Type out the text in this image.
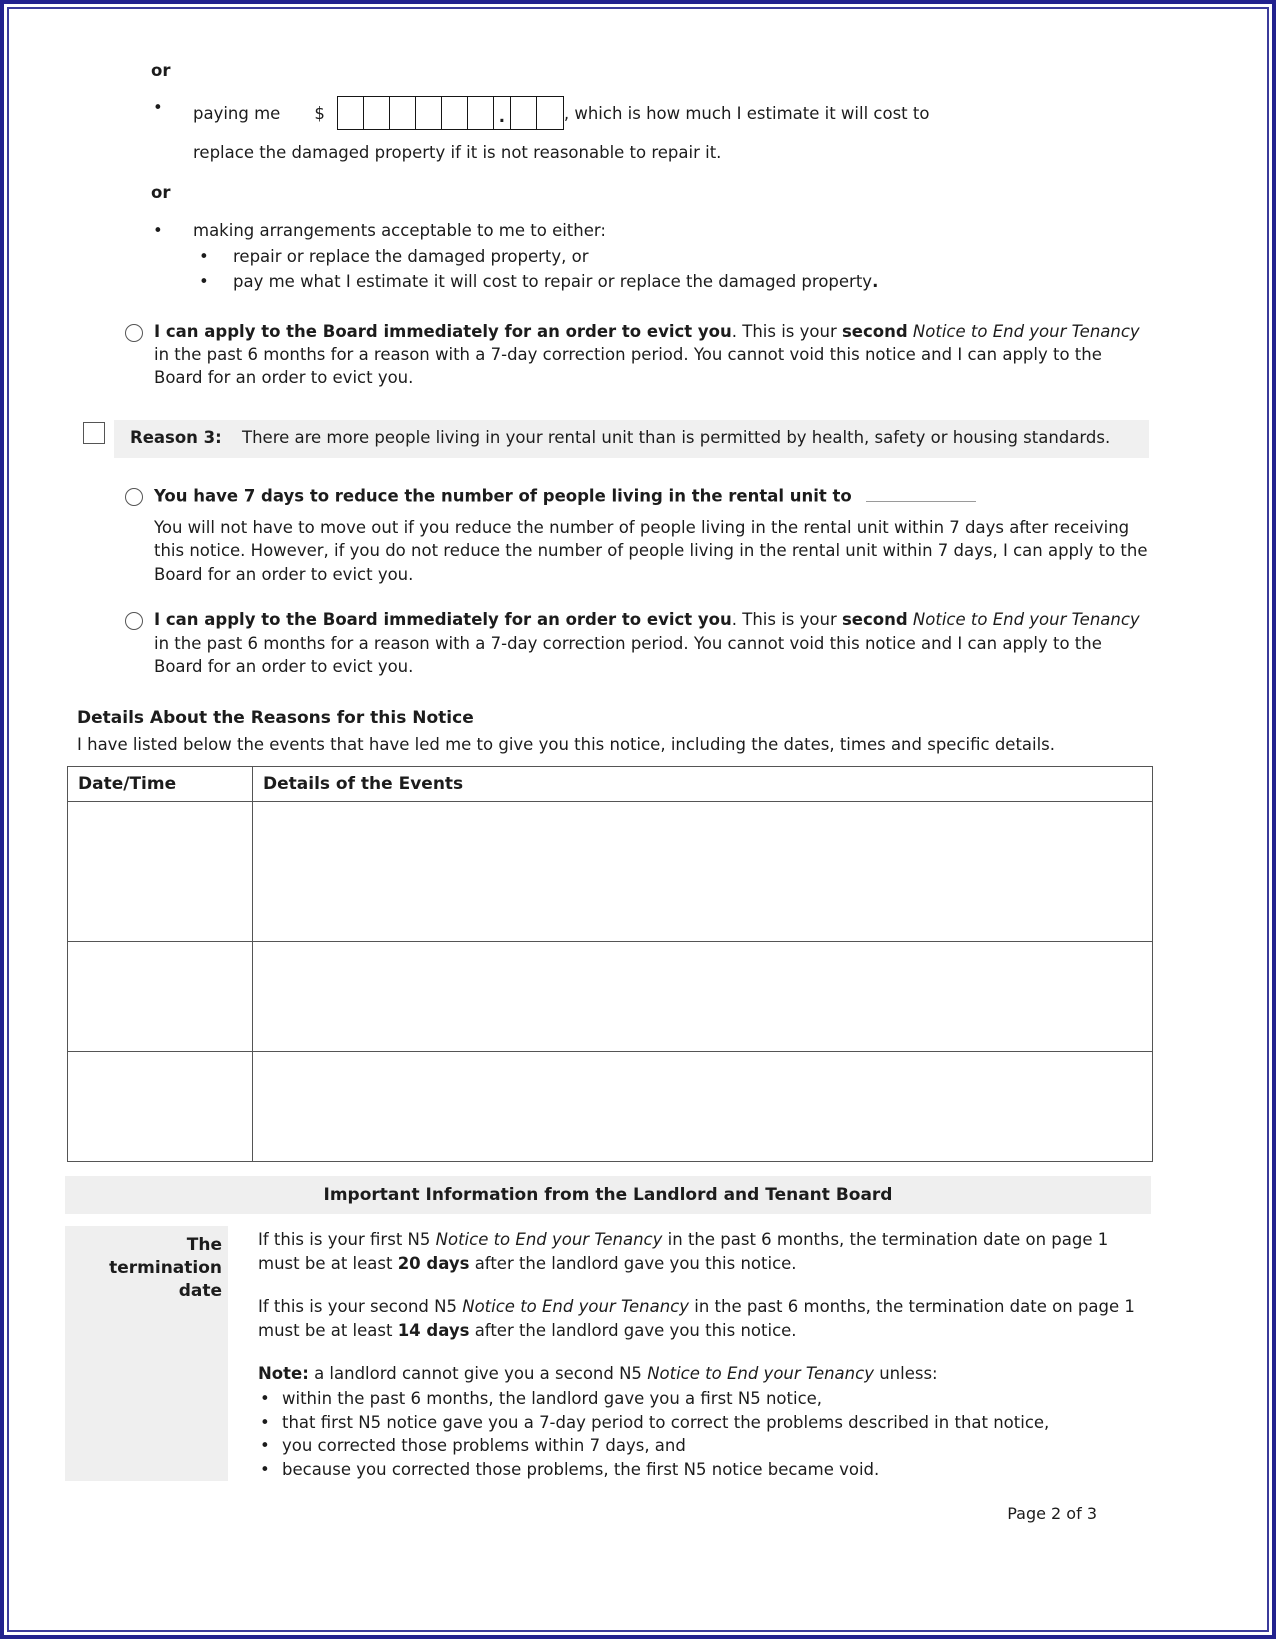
or
•	paying me $	.	, which is how much I estimate it will cost to
replace the damaged property if it is not reasonable to repair it.
or
•	making arrangements acceptable to me to either:
•	repair or replace the damaged property, or
•	pay me what I estimate it will cost to repair or replace the damaged property.
I can apply to the Board immediately for an order to evict you. This is your second Notice to End your Tenancy in the past 6 months for a reason with a 7-day correction period. You cannot void this notice and I can apply to the Board for an order to evict you.
Reason 3:	There are more people living in your rental unit than is permitted by health, safety or housing standards.
You have 7 days to reduce the number of people living in the rental unit to
You will not have to move out if you reduce the number of people living in the rental unit within 7 days after receiving this notice. However, if you do not reduce the number of people living in the rental unit within 7 days, I can apply to the Board for an order to evict you.
I can apply to the Board immediately for an order to evict you. This is your second Notice to End your Tenancy in the past 6 months for a reason with a 7-day correction period. You cannot void this notice and I can apply to the Board for an order to evict you.
Details About the Reasons for this Notice
I have listed below the events that have led me to give you this notice, including the dates, times and specific details.
Date/Time	Details of the Events

Important Information from the Landlord and Tenant Board
The termination date
If this is your first N5 Notice to End your Tenancy in the past 6 months, the termination date on page 1 must be at least 20 days after the landlord gave you this notice.
If this is your second N5 Notice to End your Tenancy in the past 6 months, the termination date on page 1 must be at least 14 days after the landlord gave you this notice.
Note: a landlord cannot give you a second N5 Notice to End your Tenancy unless:
• within the past 6 months, the landlord gave you a first N5 notice,
• that first N5 notice gave you a 7-day period to correct the problems described in that notice,
• you corrected those problems within 7 days, and
• because you corrected those problems, the first N5 notice became void.
Page 2 of 3
